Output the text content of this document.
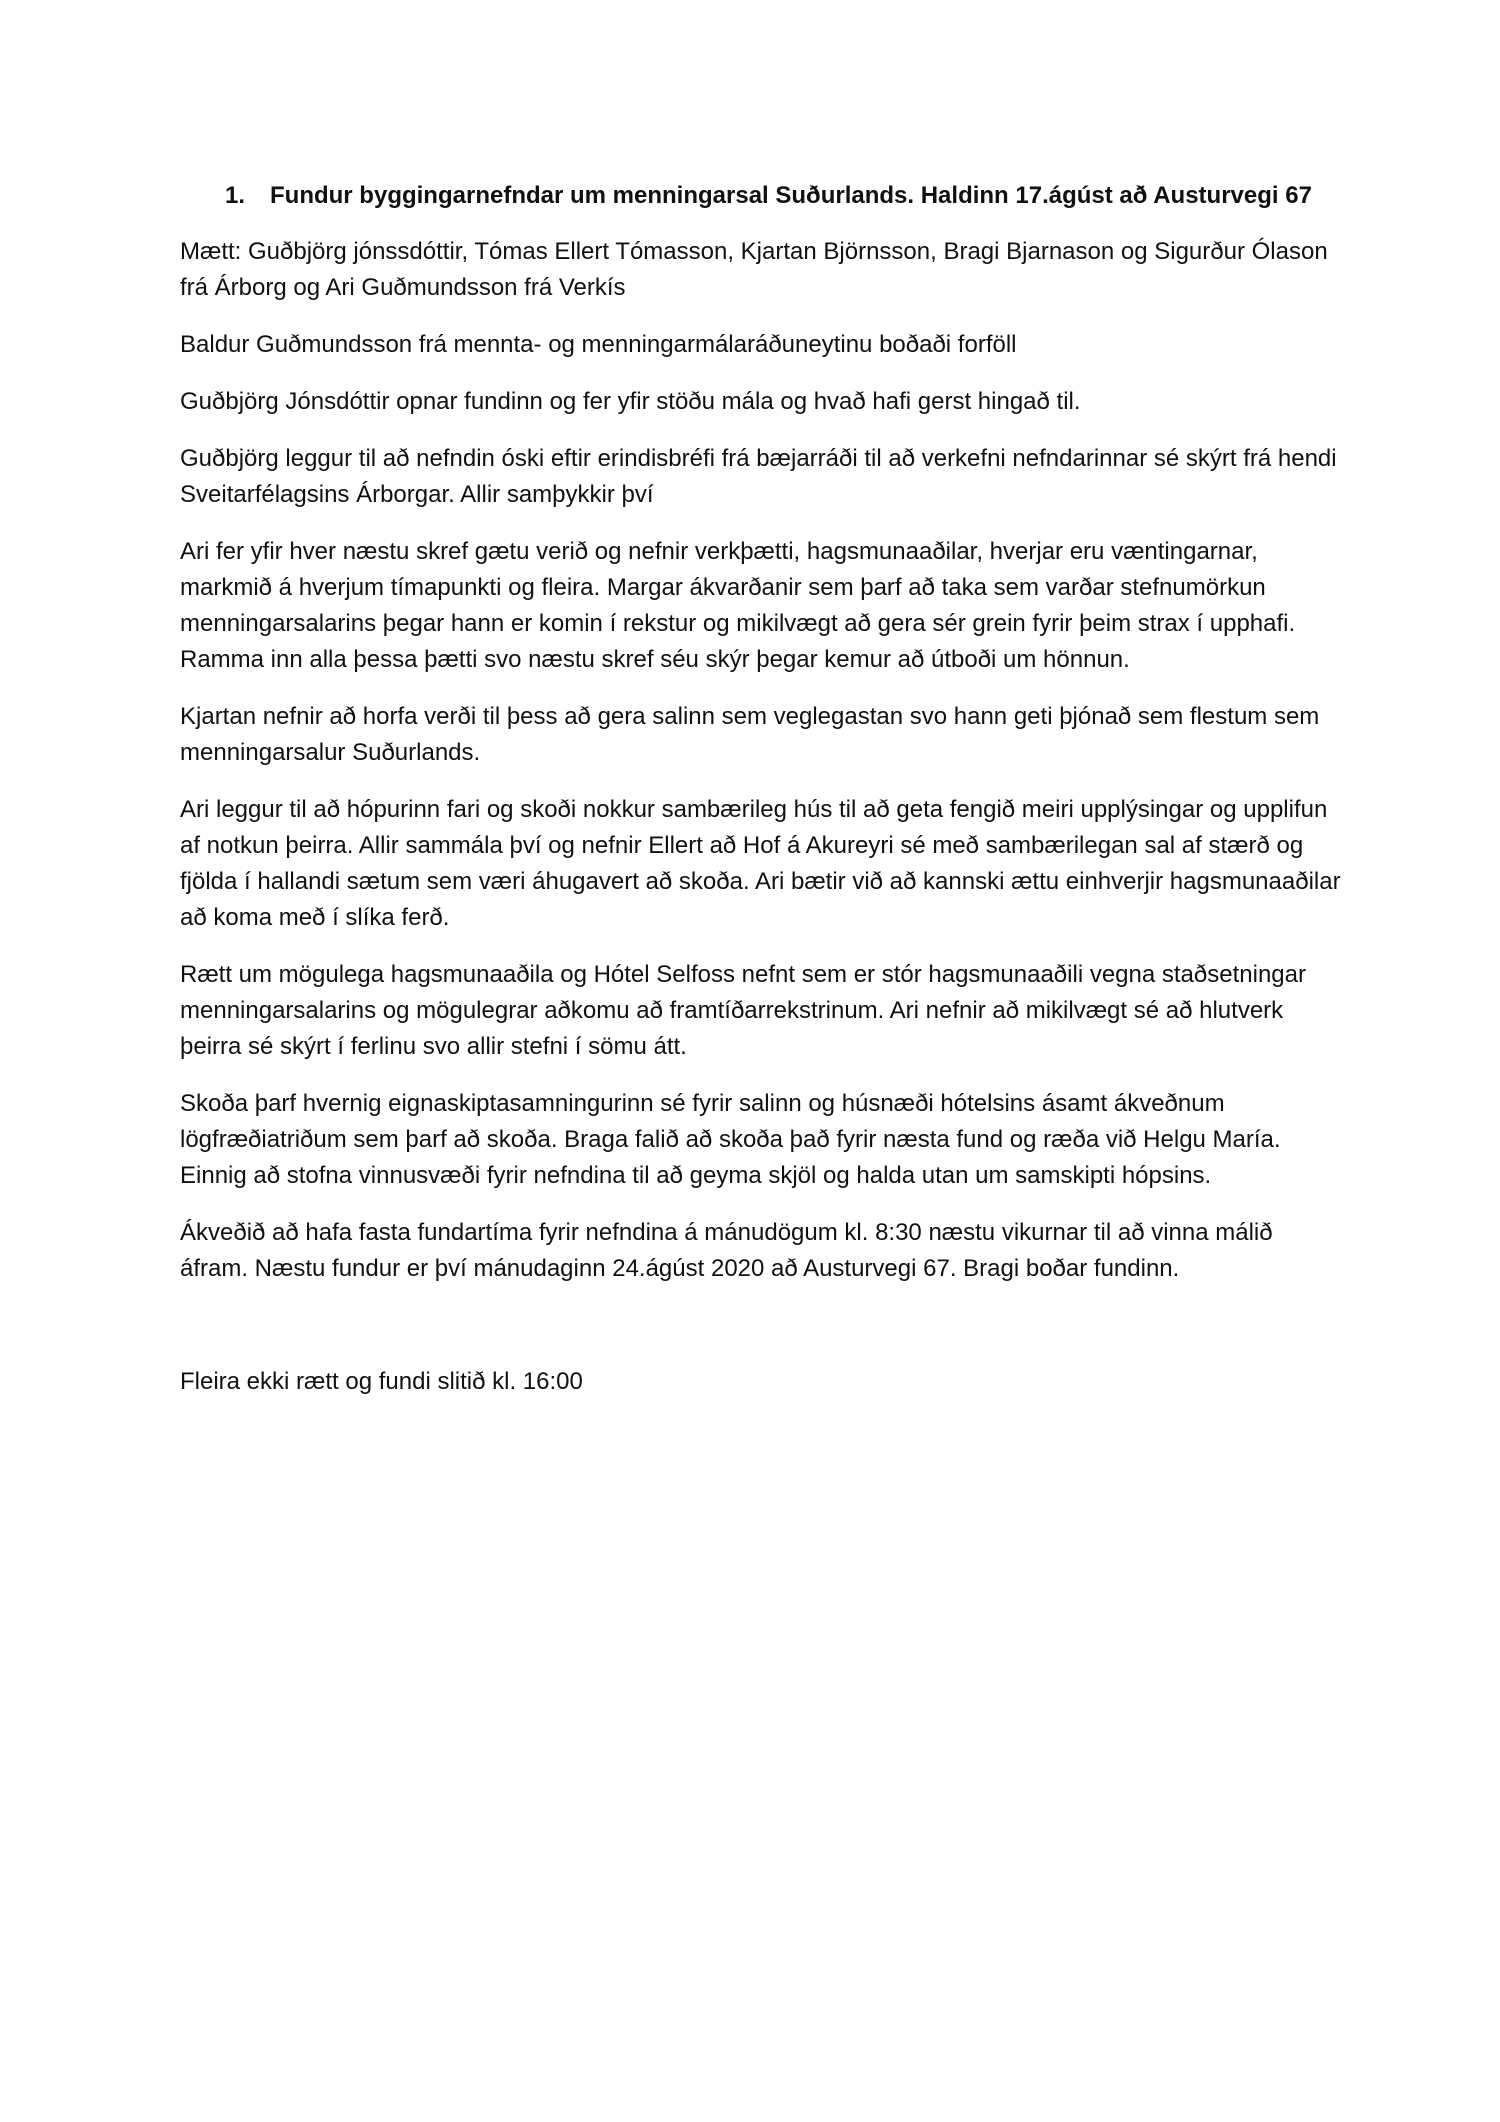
1.	Fundur byggingarnefndar um menningarsal Suðurlands. Haldinn 17.ágúst að Austurvegi 67

Mætt: Guðbjörg jónssdóttir, Tómas Ellert Tómasson, Kjartan Björnsson, Bragi Bjarnason og Sigurður Ólason frá Árborg og Ari Guðmundsson frá Verkís

Baldur Guðmundsson frá mennta- og menningarmálaráðuneytinu boðaði forföll

Guðbjörg Jónsdóttir opnar fundinn og fer yfir stöðu mála og hvað hafi gerst hingað til.

Guðbjörg leggur til að nefndin óski eftir erindisbréfi frá bæjarráði til að verkefni nefndarinnar sé skýrt frá hendi Sveitarfélagsins Árborgar. Allir samþykkir því

Ari fer yfir hver næstu skref gætu verið og nefnir verkþætti, hagsmunaaðilar, hverjar eru væntingarnar, markmið á hverjum tímapunkti og fleira. Margar ákvarðanir sem þarf að taka sem varðar stefnumörkun menningarsalarins þegar hann er komin í rekstur og mikilvægt að gera sér grein fyrir þeim strax í upphafi. Ramma inn alla þessa þætti svo næstu skref séu skýr þegar kemur að útboði um hönnun.

Kjartan nefnir að horfa verði til þess að gera salinn sem veglegastan svo hann geti þjónað sem flestum sem menningarsalur Suðurlands.

Ari leggur til að hópurinn fari og skoði nokkur sambærileg hús til að geta fengið meiri upplýsingar og upplifun af notkun þeirra. Allir sammála því og nefnir Ellert að Hof á Akureyri sé með sambærilegan sal af stærð og fjölda í hallandi sætum sem væri áhugavert að skoða. Ari bætir við að kannski ættu einhverjir hagsmunaaðilar að koma með í slíka ferð.

Rætt um mögulega hagsmunaaðila og Hótel Selfoss nefnt sem er stór hagsmunaaðili vegna staðsetningar menningarsalarins og mögulegrar aðkomu að framtíðarrekstrinum. Ari nefnir að mikilvægt sé að hlutverk þeirra sé skýrt í ferlinu svo allir stefni í sömu átt.

Skoða þarf hvernig eignaskiptasamningurinn sé fyrir salinn og húsnæði hótelsins ásamt ákveðnum lögfræðiatriðum sem þarf að skoða. Braga falið að skoða það fyrir næsta fund og ræða við Helgu María. Einnig að stofna vinnusvæði fyrir nefndina til að geyma skjöl og halda utan um samskipti hópsins.

Ákveðið að hafa fasta fundartíma fyrir nefndina á mánudögum kl. 8:30 næstu vikurnar til að vinna málið áfram. Næstu fundur er því mánudaginn 24.ágúst 2020 að Austurvegi 67. Bragi boðar fundinn.

Fleira ekki rætt og fundi slitið kl. 16:00
